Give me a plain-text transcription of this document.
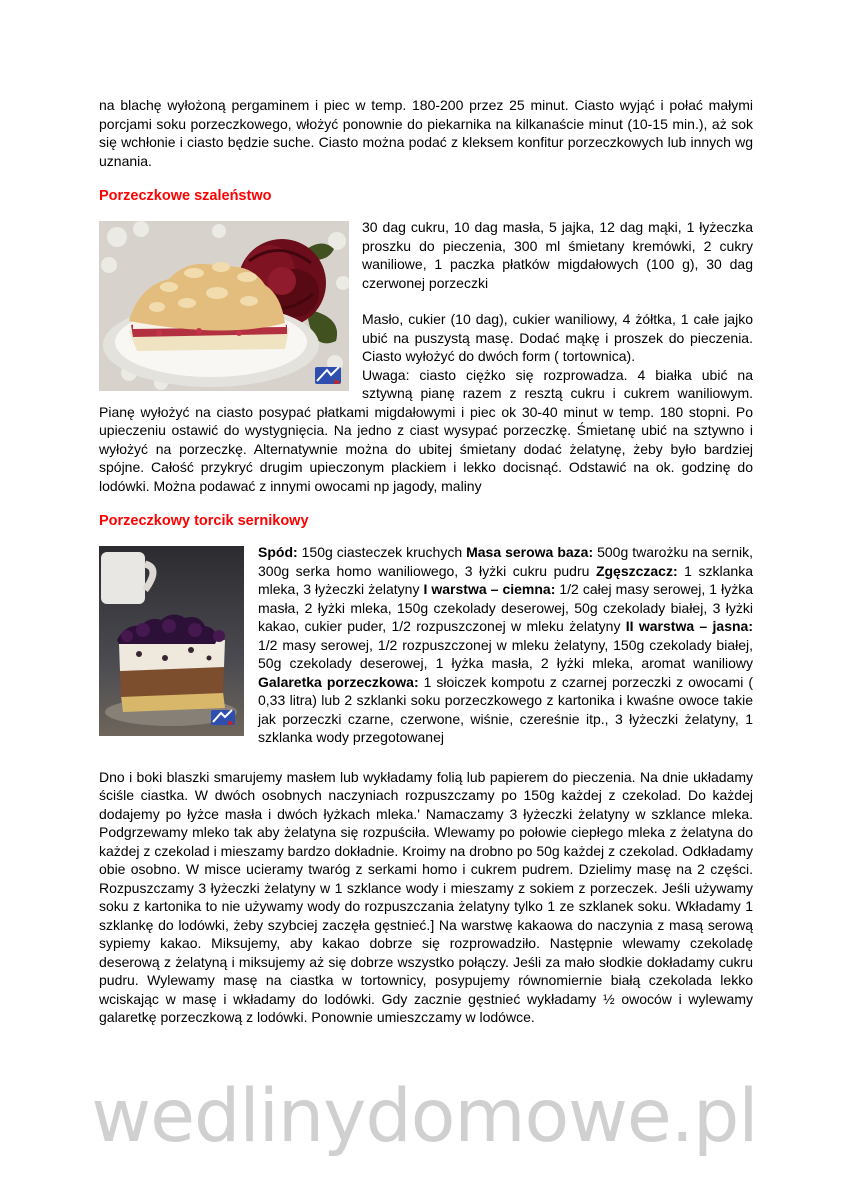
na blachę wyłożoną pergaminem i piec w temp. 180-200 przez 25 minut. Ciasto wyjąć i połać małymi porcjami soku porzeczkowego, włożyć ponownie do piekarnika na kilkanaście minut (10-15 min.), aż sok się wchłonie i ciasto będzie suche. Ciasto można podać z kleksem konfitur porzeczkowych lub innych wg uznania.

Porzeczkowe szaleństwo

30 dag cukru, 10 dag masła, 5 jajka, 12 dag mąki, 1 łyżeczka proszku do pieczenia, 300 ml śmietany kremówki, 2 cukry waniliowe, 1 paczka płatków migdałowych (100 g), 30 dag czerwonej porzeczki

Masło, cukier (10 dag), cukier waniliowy, 4 żółtka, 1 całe jajko ubić na puszystą masę. Dodać mąkę i proszek do pieczenia. Ciasto wyłożyć do dwóch form ( tortownica).

Uwaga: ciasto ciężko się rozprowadza. 4 białka ubić na sztywną pianę razem z resztą cukru i cukrem waniliowym. Pianę wyłożyć na ciasto posypać płatkami migdałowymi i piec ok 30-40 minut w temp. 180 stopni. Po upieczeniu ostawić do wystygnięcia. Na jedno z ciast wysypać porzeczkę. Śmietanę ubić na sztywno i wyłożyć na porzeczkę. Alternatywnie można do ubitej śmietany dodać żelatynę, żeby było bardziej spójne. Całość przykryć drugim upieczonym plackiem i lekko docisnąć. Odstawić na ok. godzinę do lodówki. Można podawać z innymi owocami np jagody, maliny

Porzeczkowy torcik sernikowy

Spód: 150g ciasteczek kruchych Masa serowa baza: 500g twarożku na sernik, 300g serka homo waniliowego, 3 łyżki cukru pudru Zgęszczacz: 1 szklanka mleka, 3 łyżeczki żelatyny I warstwa – ciemna: 1/2 całej masy serowej, 1 łyżka masła, 2 łyżki mleka, 150g czekolady deserowej, 50g czekolady białej, 3 łyżki kakao, cukier puder, 1/2 rozpuszczonej w mleku żelatyny II warstwa – jasna: 1/2 masy serowej, 1/2 rozpuszczonej w mleku żelatyny, 150g czekolady białej, 50g czekolady deserowej, 1 łyżka masła, 2 łyżki mleka, aromat waniliowy Galaretka porzeczkowa: 1 słoiczek kompotu z czarnej porzeczki z owocami ( 0,33 litra) lub 2 szklanki soku porzeczkowego z kartonika i kwaśne owoce takie jak porzeczki czarne, czerwone, wiśnie, czereśnie itp., 3 łyżeczki żelatyny, 1 szklanka wody przegotowanej

Dno i boki blaszki smarujemy masłem lub wykładamy folią lub papierem do pieczenia. Na dnie układamy ściśle ciastka. W dwóch osobnych naczyniach rozpuszczamy po 150g każdej z czekolad. Do każdej dodajemy po łyżce masła i dwóch łyżkach mleka.' Namaczamy 3 łyżeczki żelatyny w szklance mleka. Podgrzewamy mleko tak aby żelatyna się rozpuściła. Wlewamy po połowie ciepłego mleka z żelatyna do każdej z czekolad i mieszamy bardzo dokładnie. Kroimy na drobno po 50g każdej z czekolad. Odkładamy obie osobno. W misce ucieramy twaróg z serkami homo i cukrem pudrem. Dzielimy masę na 2 części. Rozpuszczamy 3 łyżeczki żelatyny w 1 szklance wody i mieszamy z sokiem z porzeczek. Jeśli używamy soku z kartonika to nie używamy wody do rozpuszczania żelatyny tylko 1 ze szklanek soku. Wkładamy 1 szklankę do lodówki, żeby szybciej zaczęła gęstnieć.] Na warstwę kakaowa do naczynia z masą serową sypiemy kakao. Miksujemy, aby kakao dobrze się rozprowadziło. Następnie wlewamy czekoladę deserową z żelatyną i miksujemy aż się dobrze wszystko połączy. Jeśli za mało słodkie dokładamy cukru pudru. Wylewamy masę na ciastka w tortownicy, posypujemy równomiernie białą czekolada lekko wciskając w masę i wkładamy do lodówki. Gdy zacznie gęstnieć wykładamy ½ owoców i wylewamy galaretkę porzeczkową z lodówki. Ponownie umieszczamy w lodówce.

wedlinydomowe.pl
